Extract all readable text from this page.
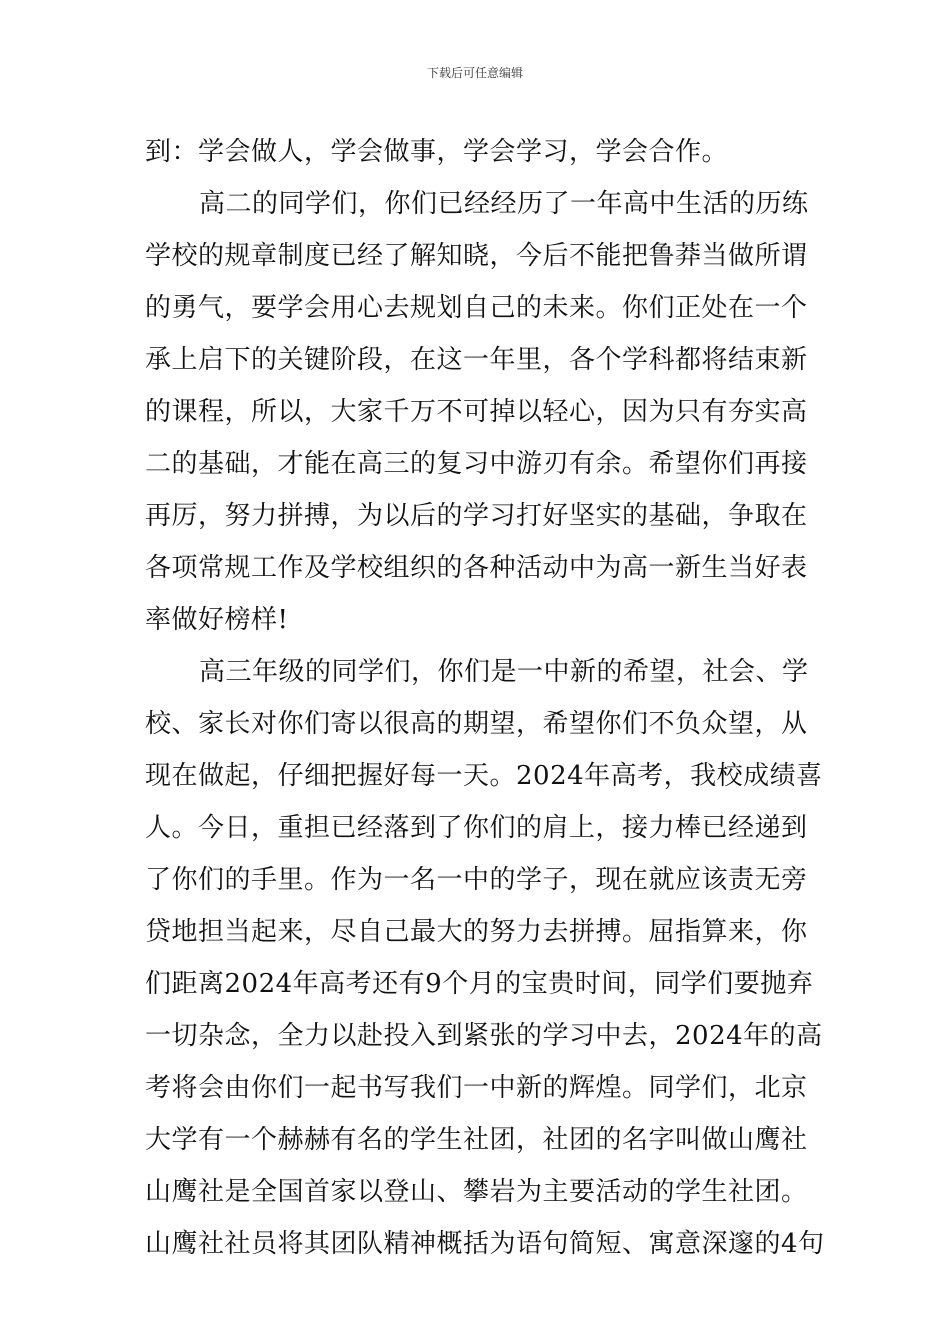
下载后可任意编辑
到：学会做人，学会做事，学会学习，学会合作。
高二的同学们，你们已经经历了一年高中生活的历练
学校的规章制度已经了解知晓，今后不能把鲁莽当做所谓
的勇气，要学会用心去规划自己的未来。你们正处在一个
承上启下的关键阶段，在这一年里，各个学科都将结束新
的课程，所以，大家千万不可掉以轻心，因为只有夯实高
二的基础，才能在高三的复习中游刃有余。希望你们再接
再厉，努力拼搏，为以后的学习打好坚实的基础，争取在
各项常规工作及学校组织的各种活动中为高一新生当好表
率做好榜样!
高三年级的同学们，你们是一中新的希望，社会、学
校、家长对你们寄以很高的期望，希望你们不负众望，从
现在做起，仔细把握好每一天。2024年高考，我校成绩喜
人。今日，重担已经落到了你们的肩上，接力棒已经递到
了你们的手里。作为一名一中的学子，现在就应该责无旁
贷地担当起来，尽自己最大的努力去拼搏。屈指算来，你
们距离2024年高考还有9个月的宝贵时间，同学们要抛弃
一切杂念，全力以赴投入到紧张的学习中去，2024年的高
考将会由你们一起书写我们一中新的辉煌。同学们，北京
大学有一个赫赫有名的学生社团，社团的名字叫做山鹰社
山鹰社是全国首家以登山、攀岩为主要活动的学生社团。
山鹰社社员将其团队精神概括为语句简短、寓意深邃的4句
